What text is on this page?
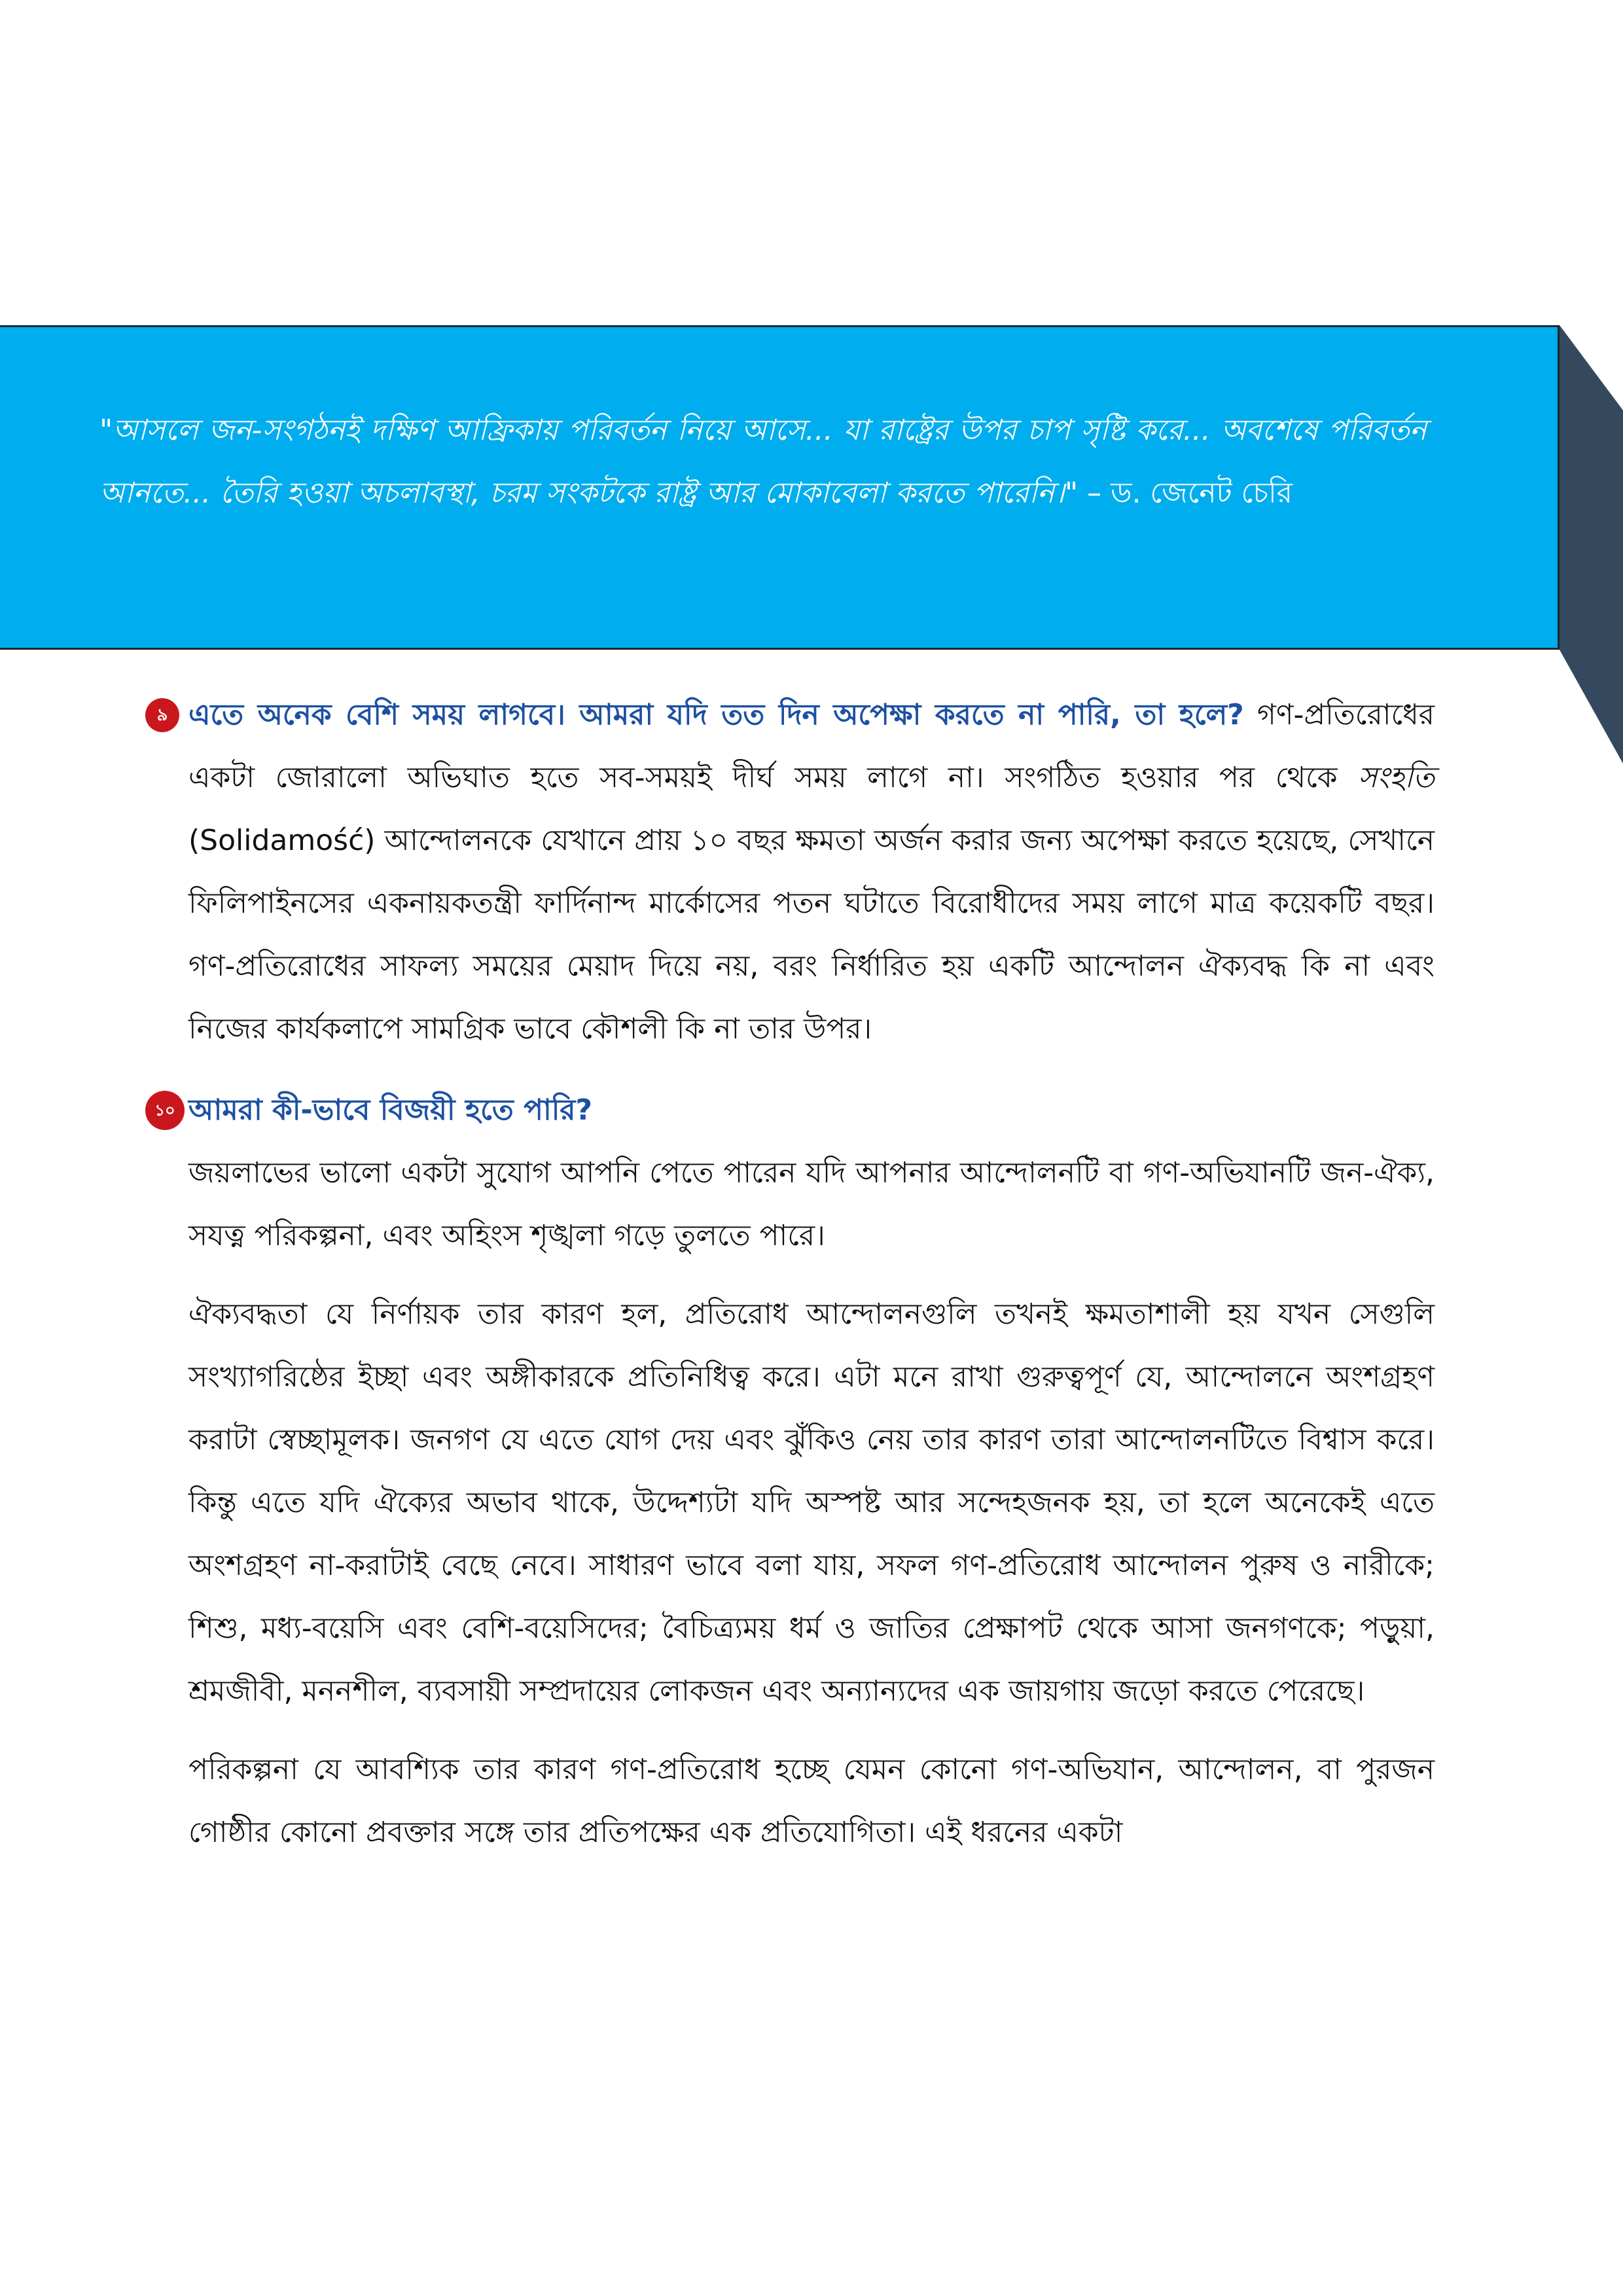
"আসলে জন-সংগঠনই দক্ষিণ আফ্রিকায় পরিবর্তন নিয়ে আসে... যা রাষ্ট্রের উপর চাপ সৃষ্টি করে... অবশেষে পরিবর্তন আনতে... তৈরি হওয়া অচলাবস্থা, চরম সংকটকে রাষ্ট্র আর মোকাবেলা করতে পারেনি।" – ড. জেনেট চেরি

৯ এতে অনেক বেশি সময় লাগবে। আমরা যদি তত দিন অপেক্ষা করতে না পারি, তা হলে? গণ-প্রতিরোধের একটা জোরালো অভিঘাত হতে সব-সময়ই দীর্ঘ সময় লাগে না। সংগঠিত হওয়ার পর থেকে সংহতি (Solidamość) আন্দোলনকে যেখানে প্রায় ১০ বছর ক্ষমতা অর্জন করার জন্য অপেক্ষা করতে হয়েছে, সেখানে ফিলিপাইনসের একনায়কতন্ত্রী ফার্দিনান্দ মার্কোসের পতন ঘটাতে বিরোধীদের সময় লাগে মাত্র কয়েকটি বছর। গণ-প্রতিরোধের সাফল্য সময়ের মেয়াদ দিয়ে নয়, বরং নির্ধারিত হয় একটি আন্দোলন ঐক্যবদ্ধ কি না এবং নিজের কার্যকলাপে সামগ্রিক ভাবে কৌশলী কি না তার উপর।

১০ আমরা কী-ভাবে বিজয়ী হতে পারি?

জয়লাভের ভালো একটা সুযোগ আপনি পেতে পারেন যদি আপনার আন্দোলনটি বা গণ-অভিযানটি জন-ঐক্য, সযত্ন পরিকল্পনা, এবং অহিংস শৃঙ্খলা গড়ে তুলতে পারে।

ঐক্যবদ্ধতা যে নির্ণায়ক তার কারণ হল, প্রতিরোধ আন্দোলনগুলি তখনই ক্ষমতাশালী হয় যখন সেগুলি সংখ্যাগরিষ্ঠের ইচ্ছা এবং অঙ্গীকারকে প্রতিনিধিত্ব করে। এটা মনে রাখা গুরুত্বপূর্ণ যে, আন্দোলনে অংশগ্রহণ করাটা স্বেচ্ছামূলক। জনগণ যে এতে যোগ দেয় এবং ঝুঁকিও নেয় তার কারণ তারা আন্দোলনটিতে বিশ্বাস করে। কিন্তু এতে যদি ঐক্যের অভাব থাকে, উদ্দেশ্যটা যদি অস্পষ্ট আর সন্দেহজনক হয়, তা হলে অনেকেই এতে অংশগ্রহণ না-করাটাই বেছে নেবে। সাধারণ ভাবে বলা যায়, সফল গণ-প্রতিরোধ আন্দোলন পুরুষ ও নারীকে; শিশু, মধ্য-বয়েসি এবং বেশি-বয়েসিদের; বৈচিত্র্যময় ধর্ম ও জাতির প্রেক্ষাপট থেকে আসা জনগণকে; পড়ুয়া, শ্রমজীবী, মননশীল, ব্যবসায়ী সম্প্রদায়ের লোকজন এবং অন্যান্যদের এক জায়গায় জড়ো করতে পেরেছে।

পরিকল্পনা যে আবশ্যিক তার কারণ গণ-প্রতিরোধ হচ্ছে যেমন কোনো গণ-অভিযান, আন্দোলন, বা পুরজন গোষ্ঠীর কোনো প্রবক্তার সঙ্গে তার প্রতিপক্ষের এক প্রতিযোগিতা। এই ধরনের একটা
